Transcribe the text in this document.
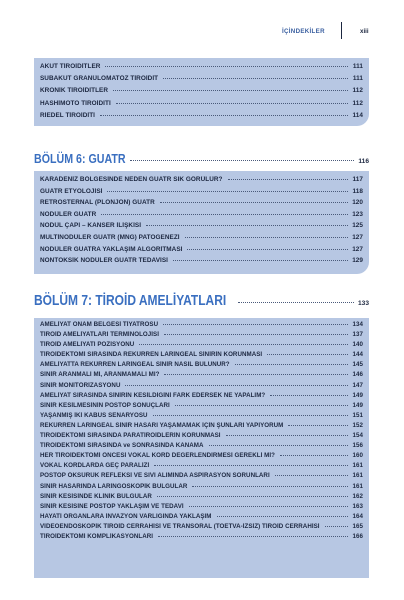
İÇİNDEKİLER	xiii
AKUT TİROİDİTLER	111
SUBAKUT GRANÜLOMATÖZ TİROİDİT	111
KRONİK TİROİDİTLER	112
HASHİMOTO TİROİDİTİ	112
RİEDEL TİROİDİTİ	114
BÖLÜM 6: GUATR	116
KARADENİZ BÖLGESİNDE NEDEN GUATR SIK GÖRÜLÜR?	117
GUATR ETYOLOJİSİ	118
RETROSTERNAL (PLONJON) GUATR	120
NODÜLER GUATR	123
NODÜL ÇAPI – KANSER İLİŞKİSİ	125
MULTİNODÜLER GUATR (MNG) PATOGENEZİ	127
NODÜLER GUATRA YAKLAŞIM ALGORİTMASI	127
NONTOKSİK NODÜLER GUATR TEDAVİSİ	129
BÖLÜM 7: TİROİD AMELİYATLARI	133
AMELİYAT ONAM BELGESİ TİYATROSU	134
TİROİD AMELİYATLARI TERMİNOLOJİSİ	137
TİROİD AMELİYATI POZİSYONU	140
TİROİDEKTOMİ SIRASINDA REKÜRREN LARİNGEAL SİNİRİN KORUNMASI	144
AMELİYATTA REKÜRREN LARİNGEAL SİNİR NASIL BULUNUR?	145
SİNİR ARANMALI MI, ARANMAMALI MI?	146
SİNİR MONİTÖRİZASYONU	147
AMELİYAT SIRASINDA SİNİRİN KESİLDİĞİNİ FARK EDERSEK NE YAPALIM?	149
SİNİR KESİLMESİNİN POSTOP SONUÇLARI	149
YAŞANMIŞ İKİ KABUS SENARYOSU	151
REKÜRREN LARİNGEAL SİNİR HASARI YAŞAMAMAK İÇİN ŞUNLARI YAPIYORUM	152
TİROİDEKTOMİ SIRASINDA PARATİROİDLERİN KORUNMASI	154
TİROİDEKTOMİ SIRASINDA ve SONRASINDA KANAMA	156
HER TİROİDEKTOMİ ÖNCESİ VOKAL KORD DEĞERLENDİRMESİ GEREKLİ Mİ?	160
VOKAL KORDLARDA GEÇ PARALİZİ	161
POSTOP ÖKSÜRÜK REFLEKSİ VE SIVI ALIMINDA ASPİRASYON SORUNLARI	161
SİNİR HASARINDA LARİNGOSKOPİK BULGULAR	161
SİNİR KESİSİNDE KLİNİK BULGULAR	162
SİNİR KESİSİNE POSTOP YAKLAŞIM VE TEDAVİ	163
HAYATİ ORGANLARA İNVAZYON VARLIĞINDA YAKLAŞIM	164
VİDEOENDOSKOPİK TİROİD CERRAHİSİ VE TRANSORAL (TOETVA-İZSİZ) TİROİD CERRAHİSİ	165
TİROİDEKTOMİ KOMPLİKASYONLARI	166
